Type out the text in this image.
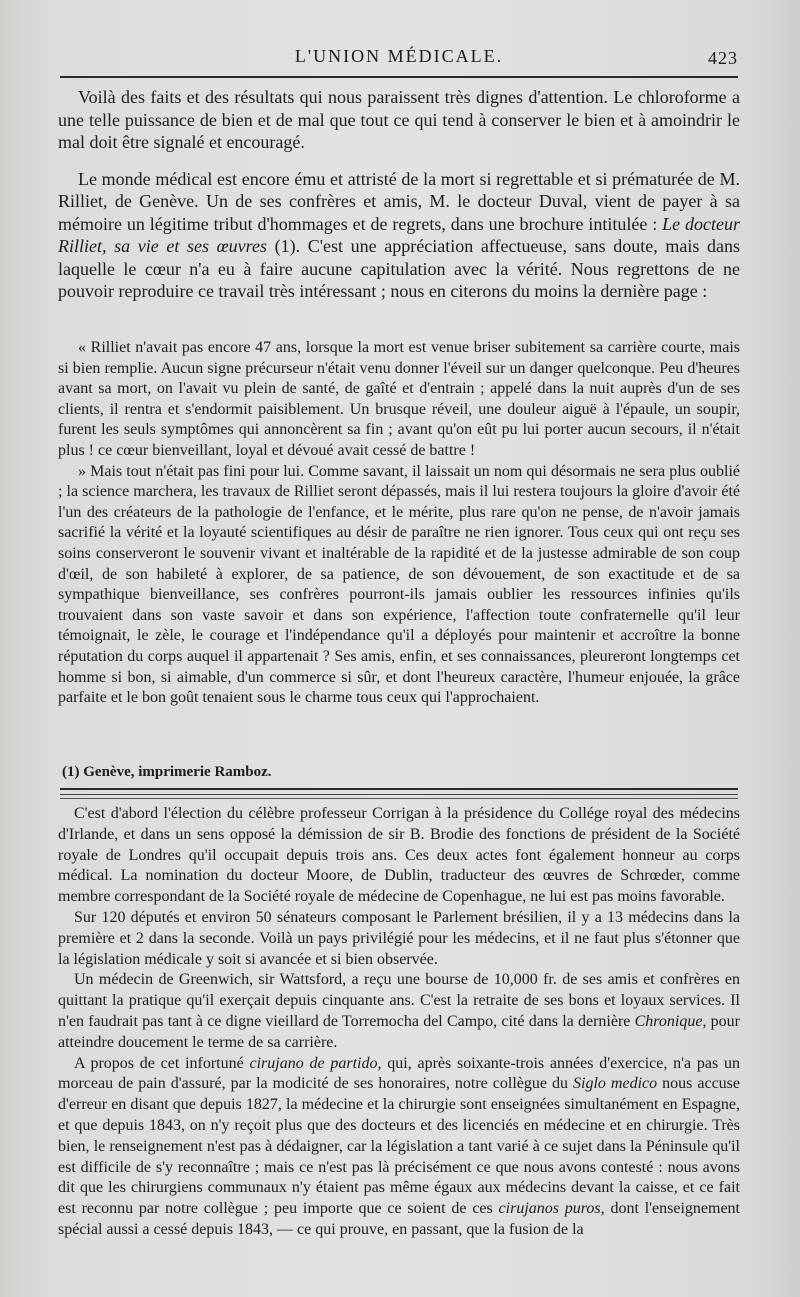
L'UNION MÉDICALE.	423

Voilà des faits et des résultats qui nous paraissent très dignes d'attention. Le chloroforme a une telle puissance de bien et de mal que tout ce qui tend à conserver le bien et à amoindrir le mal doit être signalé et encouragé.

Le monde médical est encore ému et attristé de la mort si regrettable et si prématurée de M. Rilliet, de Genève. Un de ses confrères et amis, M. le docteur Duval, vient de payer à sa mémoire un légitime tribut d'hommages et de regrets, dans une brochure intitulée : Le docteur Rilliet, sa vie et ses œuvres (1). C'est une appréciation affectueuse, sans doute, mais dans laquelle le cœur n'a eu à faire aucune capitulation avec la vérité. Nous regrettons de ne pouvoir reproduire ce travail très intéressant ; nous en citerons du moins la dernière page :

« Rilliet n'avait pas encore 47 ans, lorsque la mort est venue briser subitement sa carrière courte, mais si bien remplie. Aucun signe précurseur n'était venu donner l'éveil sur un danger quelconque. Peu d'heures avant sa mort, on l'avait vu plein de santé, de gaîté et d'entrain ; appelé dans la nuit auprès d'un de ses clients, il rentra et s'endormit paisiblement. Un brusque réveil, une douleur aiguë à l'épaule, un soupir, furent les seuls symptômes qui annoncèrent sa fin ; avant qu'on eût pu lui porter aucun secours, il n'était plus ! ce cœur bienveillant, loyal et dévoué avait cessé de battre !

» Mais tout n'était pas fini pour lui. Comme savant, il laissait un nom qui désormais ne sera plus oublié ; la science marchera, les travaux de Rilliet seront dépassés, mais il lui restera toujours la gloire d'avoir été l'un des créateurs de la pathologie de l'enfance, et le mérite, plus rare qu'on ne pense, de n'avoir jamais sacrifié la vérité et la loyauté scientifiques au désir de paraître ne rien ignorer. Tous ceux qui ont reçu ses soins conserveront le souvenir vivant et inaltérable de la rapidité et de la justesse admirable de son coup d'œil, de son habileté à explorer, de sa patience, de son dévouement, de son exactitude et de sa sympathique bienveillance, ses confrères pourront-ils jamais oublier les ressources infinies qu'ils trouvaient dans son vaste savoir et dans son expérience, l'affection toute confraternelle qu'il leur témoignait, le zèle, le courage et l'indépendance qu'il a déployés pour maintenir et accroître la bonne réputation du corps auquel il appartenait ? Ses amis, enfin, et ses connaissances, pleureront longtemps cet homme si bon, si aimable, d'un commerce si sûr, et dont l'heureux caractère, l'humeur enjouée, la grâce parfaite et le bon goût tenaient sous le charme tous ceux qui l'approchaient.

(1) Genève, imprimerie Ramboz.

C'est d'abord l'élection du célèbre professeur Corrigan à la présidence du Collége royal des médecins d'Irlande, et dans un sens opposé la démission de sir B. Brodie des fonctions de président de la Société royale de Londres qu'il occupait depuis trois ans. Ces deux actes font également honneur au corps médical. La nomination du docteur Moore, de Dublin, traducteur des œuvres de Schrœder, comme membre correspondant de la Société royale de médecine de Copenhague, ne lui est pas moins favorable.

Sur 120 députés et environ 50 sénateurs composant le Parlement brésilien, il y a 13 médecins dans la première et 2 dans la seconde. Voilà un pays privilégié pour les médecins, et il ne faut plus s'étonner que la législation médicale y soit si avancée et si bien observée.

Un médecin de Greenwich, sir Wattsford, a reçu une bourse de 10,000 fr. de ses amis et confrères en quittant la pratique qu'il exerçait depuis cinquante ans. C'est la retraite de ses bons et loyaux services. Il n'en faudrait pas tant à ce digne vieillard de Torremocha del Campo, cité dans la dernière Chronique, pour atteindre doucement le terme de sa carrière.

A propos de cet infortuné cirujano de partido, qui, après soixante-trois années d'exercice, n'a pas un morceau de pain d'assuré, par la modicité de ses honoraires, notre collègue du Siglo medico nous accuse d'erreur en disant que depuis 1827, la médecine et la chirurgie sont enseignées simultanément en Espagne, et que depuis 1843, on n'y reçoit plus que des docteurs et des licenciés en médecine et en chirurgie. Très bien, le renseignement n'est pas à dédaigner, car la législation a tant varié à ce sujet dans la Péninsule qu'il est difficile de s'y reconnaître ; mais ce n'est pas là précisément ce que nous avons contesté : nous avons dit que les chirurgiens communaux n'y étaient pas même égaux aux médecins devant la caisse, et ce fait est reconnu par notre collègue ; peu importe que ce soient de ces cirujanos puros, dont l'enseignement spécial aussi a cessé depuis 1843, — ce qui prouve, en passant, que la fusion de la
